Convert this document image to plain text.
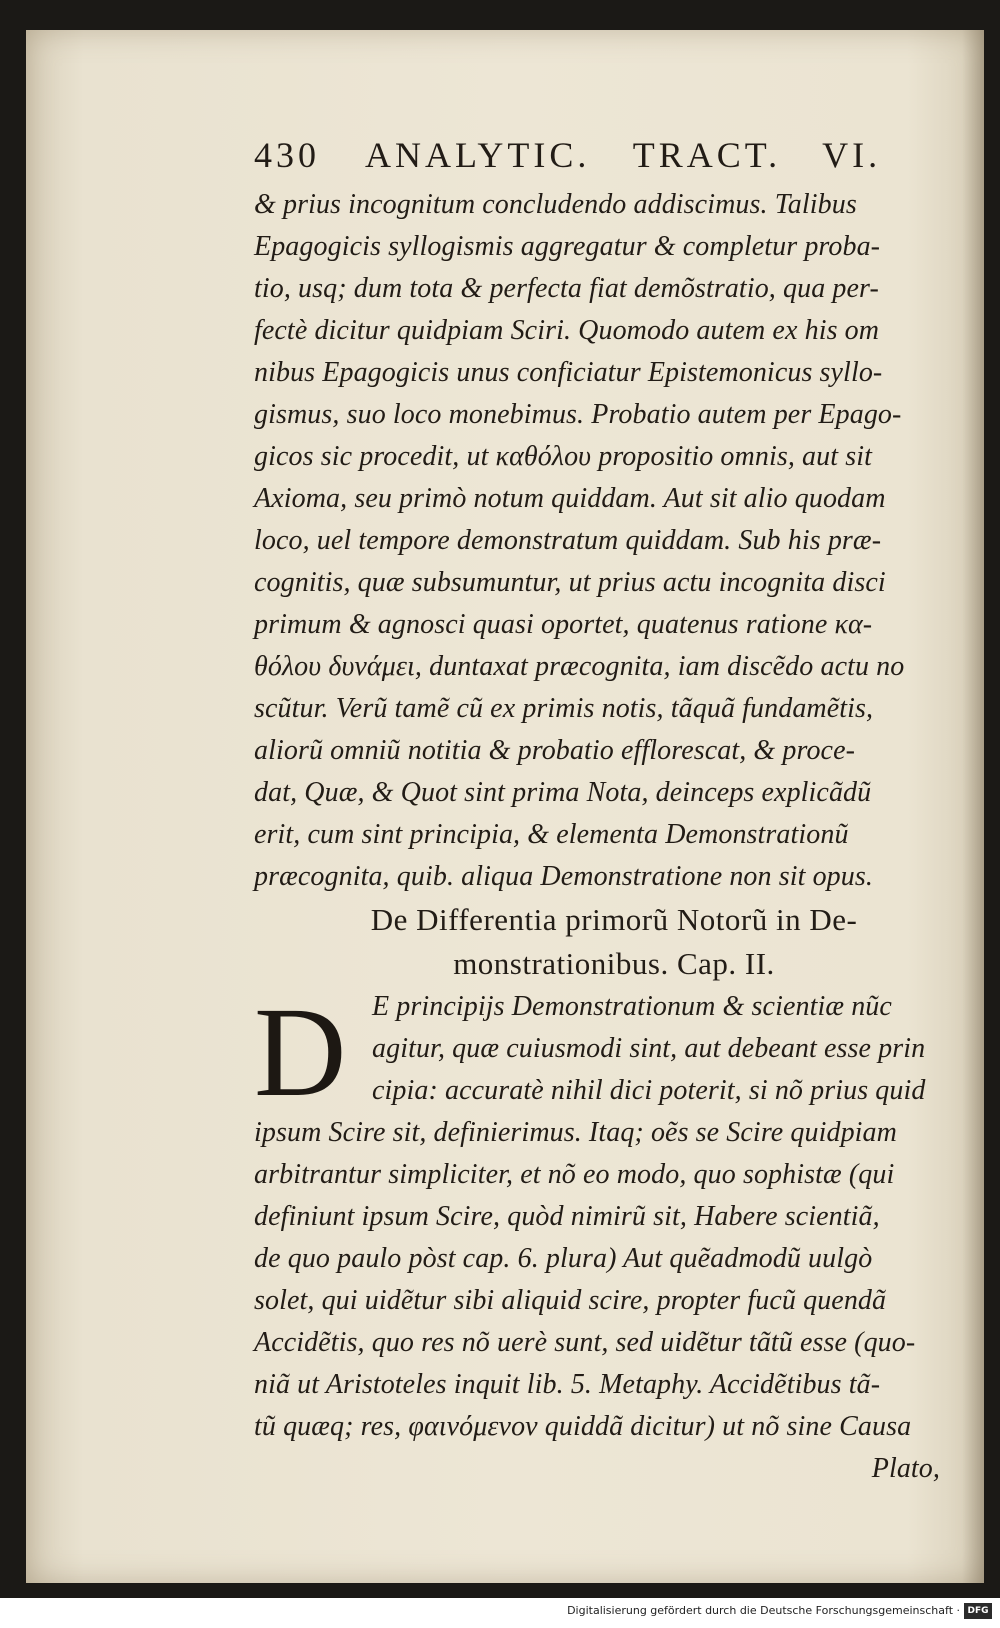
430 ANALYTIC. TRACT. VI.
& prius incognitum concludendo addiscimus. Talibus
Epagogicis syllogismis aggregatur & completur proba-
tio, usq; dum tota & perfecta fiat demõstratio, qua per-
fectè dicitur quidpiam Sciri. Quomodo autem ex his om
nibus Epagogicis unus conficiatur Epistemonicus syllo-
gismus, suo loco monebimus. Probatio autem per Epago-
gicos sic procedit, ut καθόλου propositio omnis, aut sit
Axioma, seu primò notum quiddam. Aut sit alio quodam
loco, uel tempore demonstratum quiddam. Sub his præ-
cognitis, quæ subsumuntur, ut prius actu incognita disci
primum & agnosci quasi oportet, quatenus ratione κα-
θόλου δυνάμει, duntaxat præcognita, iam discẽdo actu no
scũtur. Verũ tamẽ cũ ex primis notis, tãquã fundamẽtis,
aliorũ omniũ notitia & probatio efflorescat, & proce-
dat, Quæ, & Quot sint prima Nota, deinceps explicãdũ
erit, cum sint principia, & elementa Demonstrationũ
præcognita, quib. aliqua Demonstratione non sit opus.
De Differentia primorũ Notorũ in De-
monstrationibus. Cap. II.
D E principijs Demonstrationum & scientiæ nũc
agitur, quæ cuiusmodi sint, aut debeant esse prin
cipia: accuratè nihil dici poterit, si nõ prius quid
ipsum Scire sit, definierimus. Itaq; oẽs se Scire quidpiam
arbitrantur simpliciter, et nõ eo modo, quo sophistæ (qui
definiunt ipsum Scire, quòd nimirũ sit, Habere scientiã,
de quo paulo pòst cap. 6. plura) Aut quẽadmodũ uulgò
solet, qui uidẽtur sibi aliquid scire, propter fucũ quendã
Accidẽtis, quo res nõ uerè sunt, sed uidẽtur tãtũ esse (quo-
niã ut Aristoteles inquit lib. 5. Metaphy. Accidẽtibus tã-
tũ quæq; res, φαινόμενον quiddã dicitur) ut nõ sine Causa
Plato,
Digitalisierung gefördert durch die Deutsche Forschungsgemeinschaft · DFG
